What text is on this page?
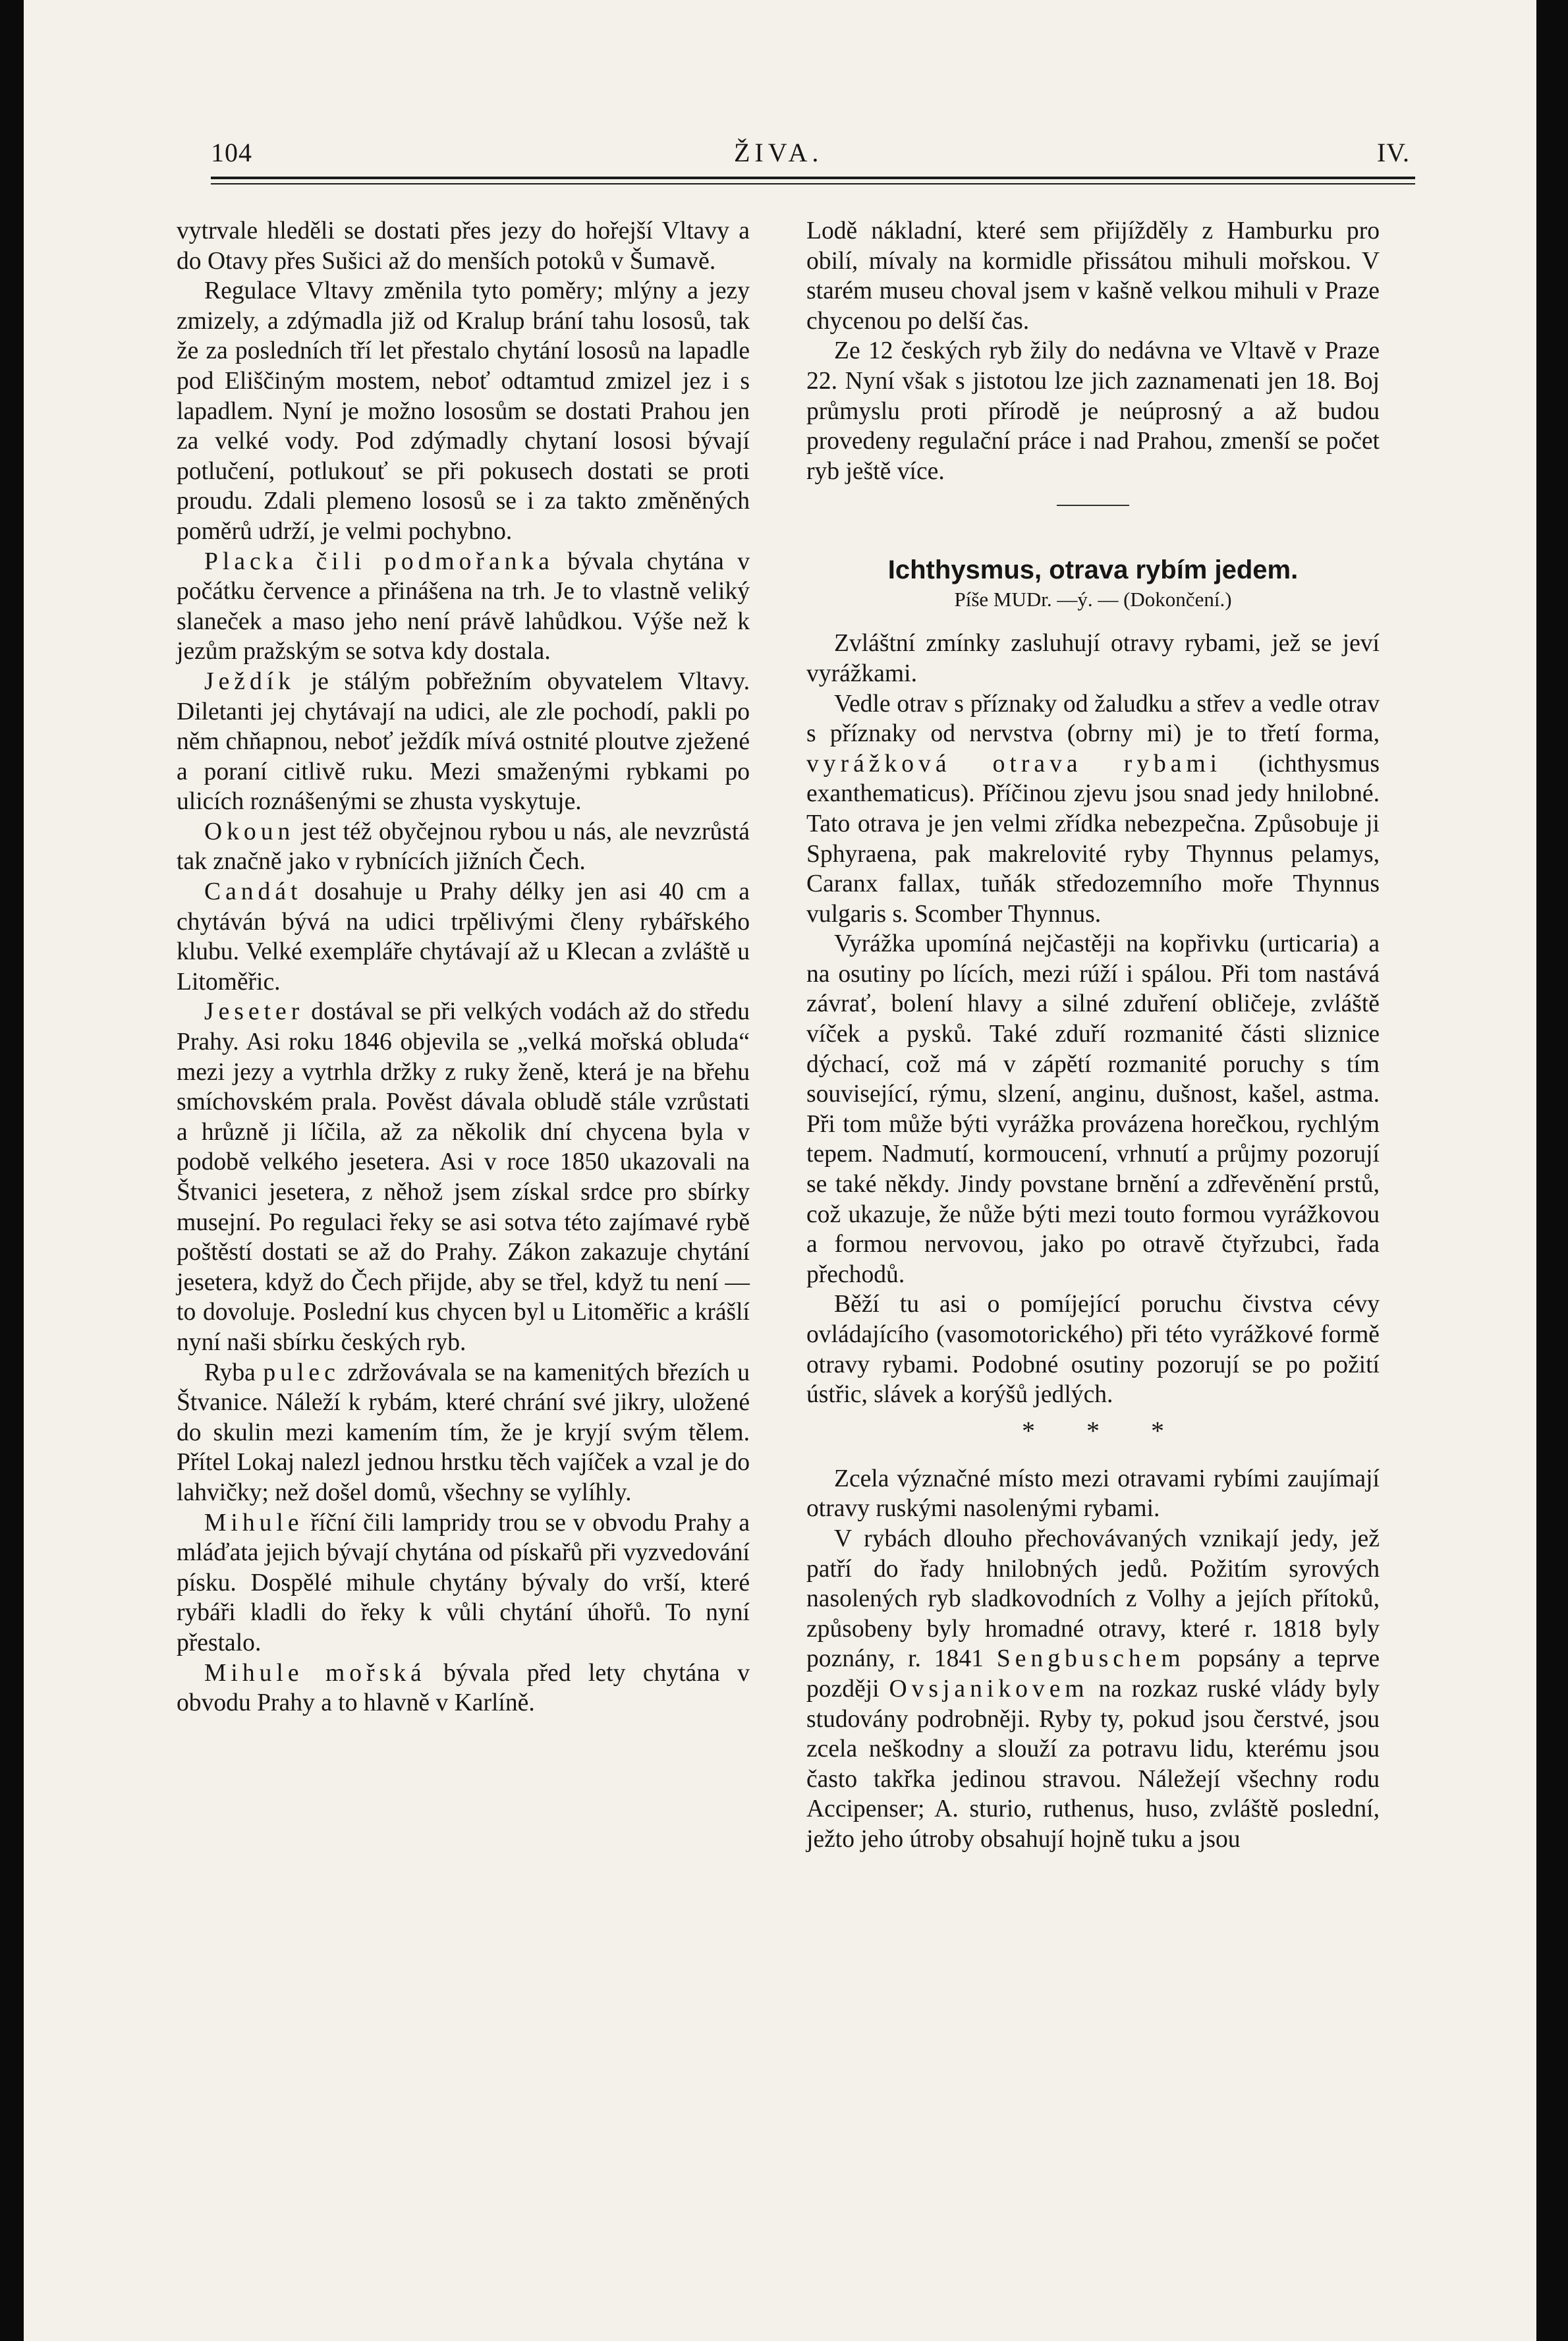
104	ŽIVA.	IV.

vytrvale hleděli se dostati přes jezy do hořejší Vltavy a do Otavy přes Sušici až do menších potoků v Šumavě.

Regulace Vltavy změnila tyto poměry; mlýny a jezy zmizely, a zdýmadla již od Kralup brání tahu lososů, tak že za posledních tří let přestalo chytání lososů na lapadle pod Eliščiným mostem, neboť odtamtud zmizel jez i s lapadlem. Nyní je možno lososům se dostati Prahou jen za velké vody. Pod zdýmadly chytaní lososi bývají potlučení, potlukouť se při pokusech dostati se proti proudu. Zdali plemeno lososů se i za takto změněných poměrů udrží, je velmi pochybno.

Placka čili podmořanka bývala chytána v počátku července a přinášena na trh. Je to vlastně veliký slaneček a maso jeho není právě lahůdkou. Výše než k jezům pražským se sotva kdy dostala.

Ježdík je stálým pobřežním obyvatelem Vltavy. Diletanti jej chytávají na udici, ale zle pochodí, pakli po něm chňapnou, neboť ježdík mívá ostnité ploutve zježené a poraní citlivě ruku. Mezi smaženými rybkami po ulicích roznášenými se zhusta vyskytuje.

Okoun jest též obyčejnou rybou u nás, ale nevzrůstá tak značně jako v rybnících jižních Čech.

Candát dosahuje u Prahy délky jen asi 40 cm a chytáván bývá na udici trpělivými členy rybářského klubu. Velké exempláře chytávají až u Klecan a zvláště u Litoměřic.

Jeseter dostával se při velkých vodách až do středu Prahy. Asi roku 1846 objevila se „velká mořská obluda“ mezi jezy a vytrhla držky z ruky ženě, která je na břehu smíchovském prala. Pověst dávala obludě stále vzrůstati a hrůzně ji líčila, až za několik dní chycena byla v podobě velkého jesetera. Asi v roce 1850 ukazovali na Štvanici jesetera, z něhož jsem získal srdce pro sbírky musejní. Po regulaci řeky se asi sotva této zajímavé rybě poštěstí dostati se až do Prahy. Zákon zakazuje chytání jesetera, když do Čech přijde, aby se třel, když tu není — to dovoluje. Poslední kus chycen byl u Litoměřic a krášlí nyní naši sbírku českých ryb.

Ryba pulec zdržovávala se na kamenitých březích u Štvanice. Náleží k rybám, které chrání své jikry, uložené do skulin mezi kamením tím, že je kryjí svým tělem. Přítel Lokaj nalezl jednou hrstku těch vajíček a vzal je do lahvičky; než došel domů, všechny se vylíhly.

Mihule říční čili lampridy trou se v obvodu Prahy a mláďata jejich bývají chytána od pískařů při vyzvedování písku. Dospělé mihule chytány bývaly do vrší, které rybáři kladli do řeky k vůli chytání úhořů. To nyní přestalo.

Mihule mořská bývala před lety chytána v obvodu Prahy a to hlavně v Karlíně.

Lodě nákladní, které sem přijížděly z Hamburku pro obilí, mívaly na kormidle přissátou mihuli mořskou. V starém museu choval jsem v kašně velkou mihuli v Praze chycenou po delší čas.

Ze 12 českých ryb žily do nedávna ve Vltavě v Praze 22. Nyní však s jistotou lze jich zaznamenati jen 18. Boj průmyslu proti přírodě je neúprosný a až budou provedeny regulační práce i nad Prahou, zmenší se počet ryb ještě více.

Ichthysmus, otrava rybím jedem.
Píše MUDr. —ý. — (Dokončení.)

Zvláštní zmínky zasluhují otravy rybami, jež se jeví vyrážkami.

Vedle otrav s příznaky od žaludku a střev a vedle otrav s příznaky od nervstva (obrny mi) je to třetí forma, vyrážková otrava rybami (ichthysmus exanthematicus). Příčinou zjevu jsou snad jedy hnilobné. Tato otrava je jen velmi zřídka nebezpečna. Způsobuje ji Sphyraena, pak makrelovité ryby Thynnus pelamys, Caranx fallax, tuňák středozemního moře Thynnus vulgaris s. Scomber Thynnus.

Vyrážka upomíná nejčastěji na kopřivku (urticaria) a na osutiny po lících, mezi rúží i spálou. Při tom nastává závrať, bolení hlavy a silné zduření obličeje, zvláště víček a pysků. Také zduří rozmanité části sliznice dýchací, což má v zápětí rozmanité poruchy s tím související, rýmu, slzení, anginu, dušnost, kašel, astma. Při tom může býti vyrážka provázena horečkou, rychlým tepem. Nadmutí, kormoucení, vrhnutí a průjmy pozorují se také někdy. Jindy povstane brnění a zdřevěnění prstů, což ukazuje, že nůže býti mezi touto formou vyrážkovou a formou nervovou, jako po otravě čtyřzubci, řada přechodů.

Běží tu asi o pomíjející poruchu čivstva cévy ovládajícího (vasomotorického) při této vyrážkové formě otravy rybami. Podobné osutiny pozorují se po požití ústřic, slávek a korýšů jedlých.

* * *

Zcela význačné místo mezi otravami rybími zaujímají otravy ruskými nasolenými rybami.

V rybách dlouho přechovávaných vznikají jedy, jež patří do řady hnilobných jedů. Požitím syrových nasolených ryb sladkovodních z Volhy a jejích přítoků, způsobeny byly hromadné otravy, které r. 1818 byly poznány, r. 1841 Sengbuschem popsány a teprve později Ovsjanikovem na rozkaz ruské vlády byly studovány podrobněji. Ryby ty, pokud jsou čerstvé, jsou zcela neškodny a slouží za potravu lidu, kterému jsou často takřka jedinou stravou. Náležejí všechny rodu Accipenser; A. sturio, ruthenus, huso, zvláště poslední, ježto jeho útroby obsahují hojně tuku a jsou
